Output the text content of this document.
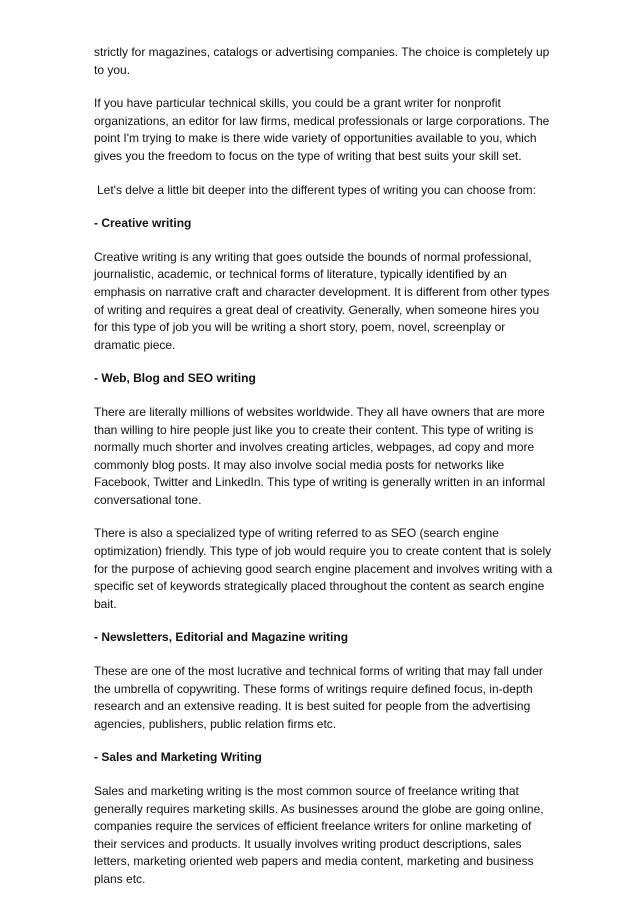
strictly for magazines, catalogs or advertising companies. The choice is completely up to you.

If you have particular technical skills, you could be a grant writer for nonprofit organizations, an editor for law firms, medical professionals or large corporations. The point I'm trying to make is there wide variety of opportunities available to you, which gives you the freedom to focus on the type of writing that best suits your skill set.

Let's delve a little bit deeper into the different types of writing you can choose from:

- Creative writing

Creative writing is any writing that goes outside the bounds of normal professional, journalistic, academic, or technical forms of literature, typically identified by an emphasis on narrative craft and character development. It is different from other types of writing and requires a great deal of creativity. Generally, when someone hires you for this type of job you will be writing a short story, poem, novel, screenplay or dramatic piece.

- Web, Blog and SEO writing

There are literally millions of websites worldwide. They all have owners that are more than willing to hire people just like you to create their content. This type of writing is normally much shorter and involves creating articles, webpages, ad copy and more commonly blog posts. It may also involve social media posts for networks like Facebook, Twitter and LinkedIn. This type of writing is generally written in an informal conversational tone.

There is also a specialized type of writing referred to as SEO (search engine optimization) friendly. This type of job would require you to create content that is solely for the purpose of achieving good search engine placement and involves writing with a specific set of keywords strategically placed throughout the content as search engine bait.

- Newsletters, Editorial and Magazine writing

These are one of the most lucrative and technical forms of writing that may fall under the umbrella of copywriting. These forms of writings require defined focus, in-depth research and an extensive reading. It is best suited for people from the advertising agencies, publishers, public relation firms etc.

- Sales and Marketing Writing

Sales and marketing writing is the most common source of freelance writing that generally requires marketing skills. As businesses around the globe are going online, companies require the services of efficient freelance writers for online marketing of their services and products. It usually involves writing product descriptions, sales letters, marketing oriented web papers and media content, marketing and business plans etc.
